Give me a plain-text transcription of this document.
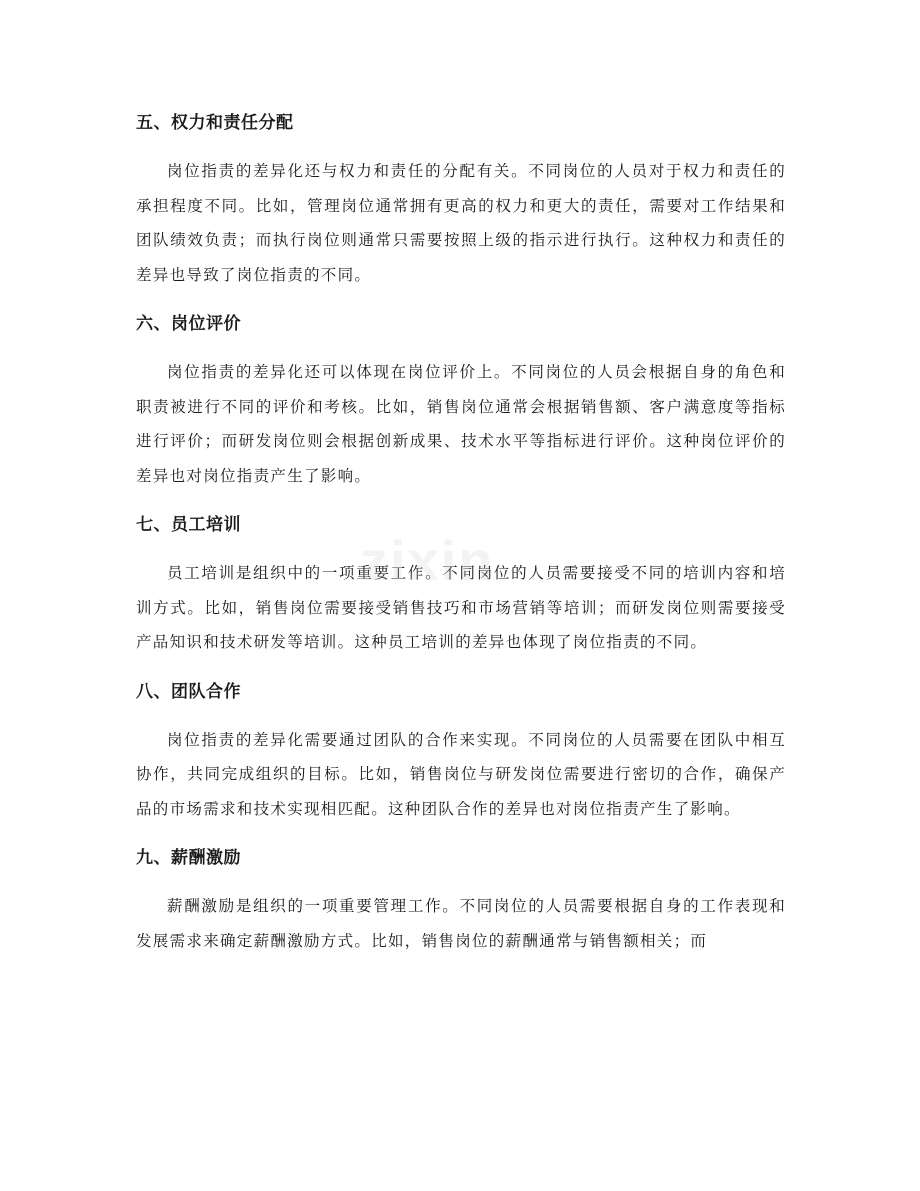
五、权力和责任分配

岗位指责的差异化还与权力和责任的分配有关。不同岗位的人员对于权力和责任的承担程度不同。比如，管理岗位通常拥有更高的权力和更大的责任，需要对工作结果和团队绩效负责；而执行岗位则通常只需要按照上级的指示进行执行。这种权力和责任的差异也导致了岗位指责的不同。

六、岗位评价

岗位指责的差异化还可以体现在岗位评价上。不同岗位的人员会根据自身的角色和职责被进行不同的评价和考核。比如，销售岗位通常会根据销售额、客户满意度等指标进行评价；而研发岗位则会根据创新成果、技术水平等指标进行评价。这种岗位评价的差异也对岗位指责产生了影响。

七、员工培训

员工培训是组织中的一项重要工作。不同岗位的人员需要接受不同的培训内容和培训方式。比如，销售岗位需要接受销售技巧和市场营销等培训；而研发岗位则需要接受产品知识和技术研发等培训。这种员工培训的差异也体现了岗位指责的不同。

八、团队合作

岗位指责的差异化需要通过团队的合作来实现。不同岗位的人员需要在团队中相互协作，共同完成组织的目标。比如，销售岗位与研发岗位需要进行密切的合作，确保产品的市场需求和技术实现相匹配。这种团队合作的差异也对岗位指责产生了影响。

九、薪酬激励

薪酬激励是组织的一项重要管理工作。不同岗位的人员需要根据自身的工作表现和发展需求来确定薪酬激励方式。比如，销售岗位的薪酬通常与销售额相关；而

zixin
